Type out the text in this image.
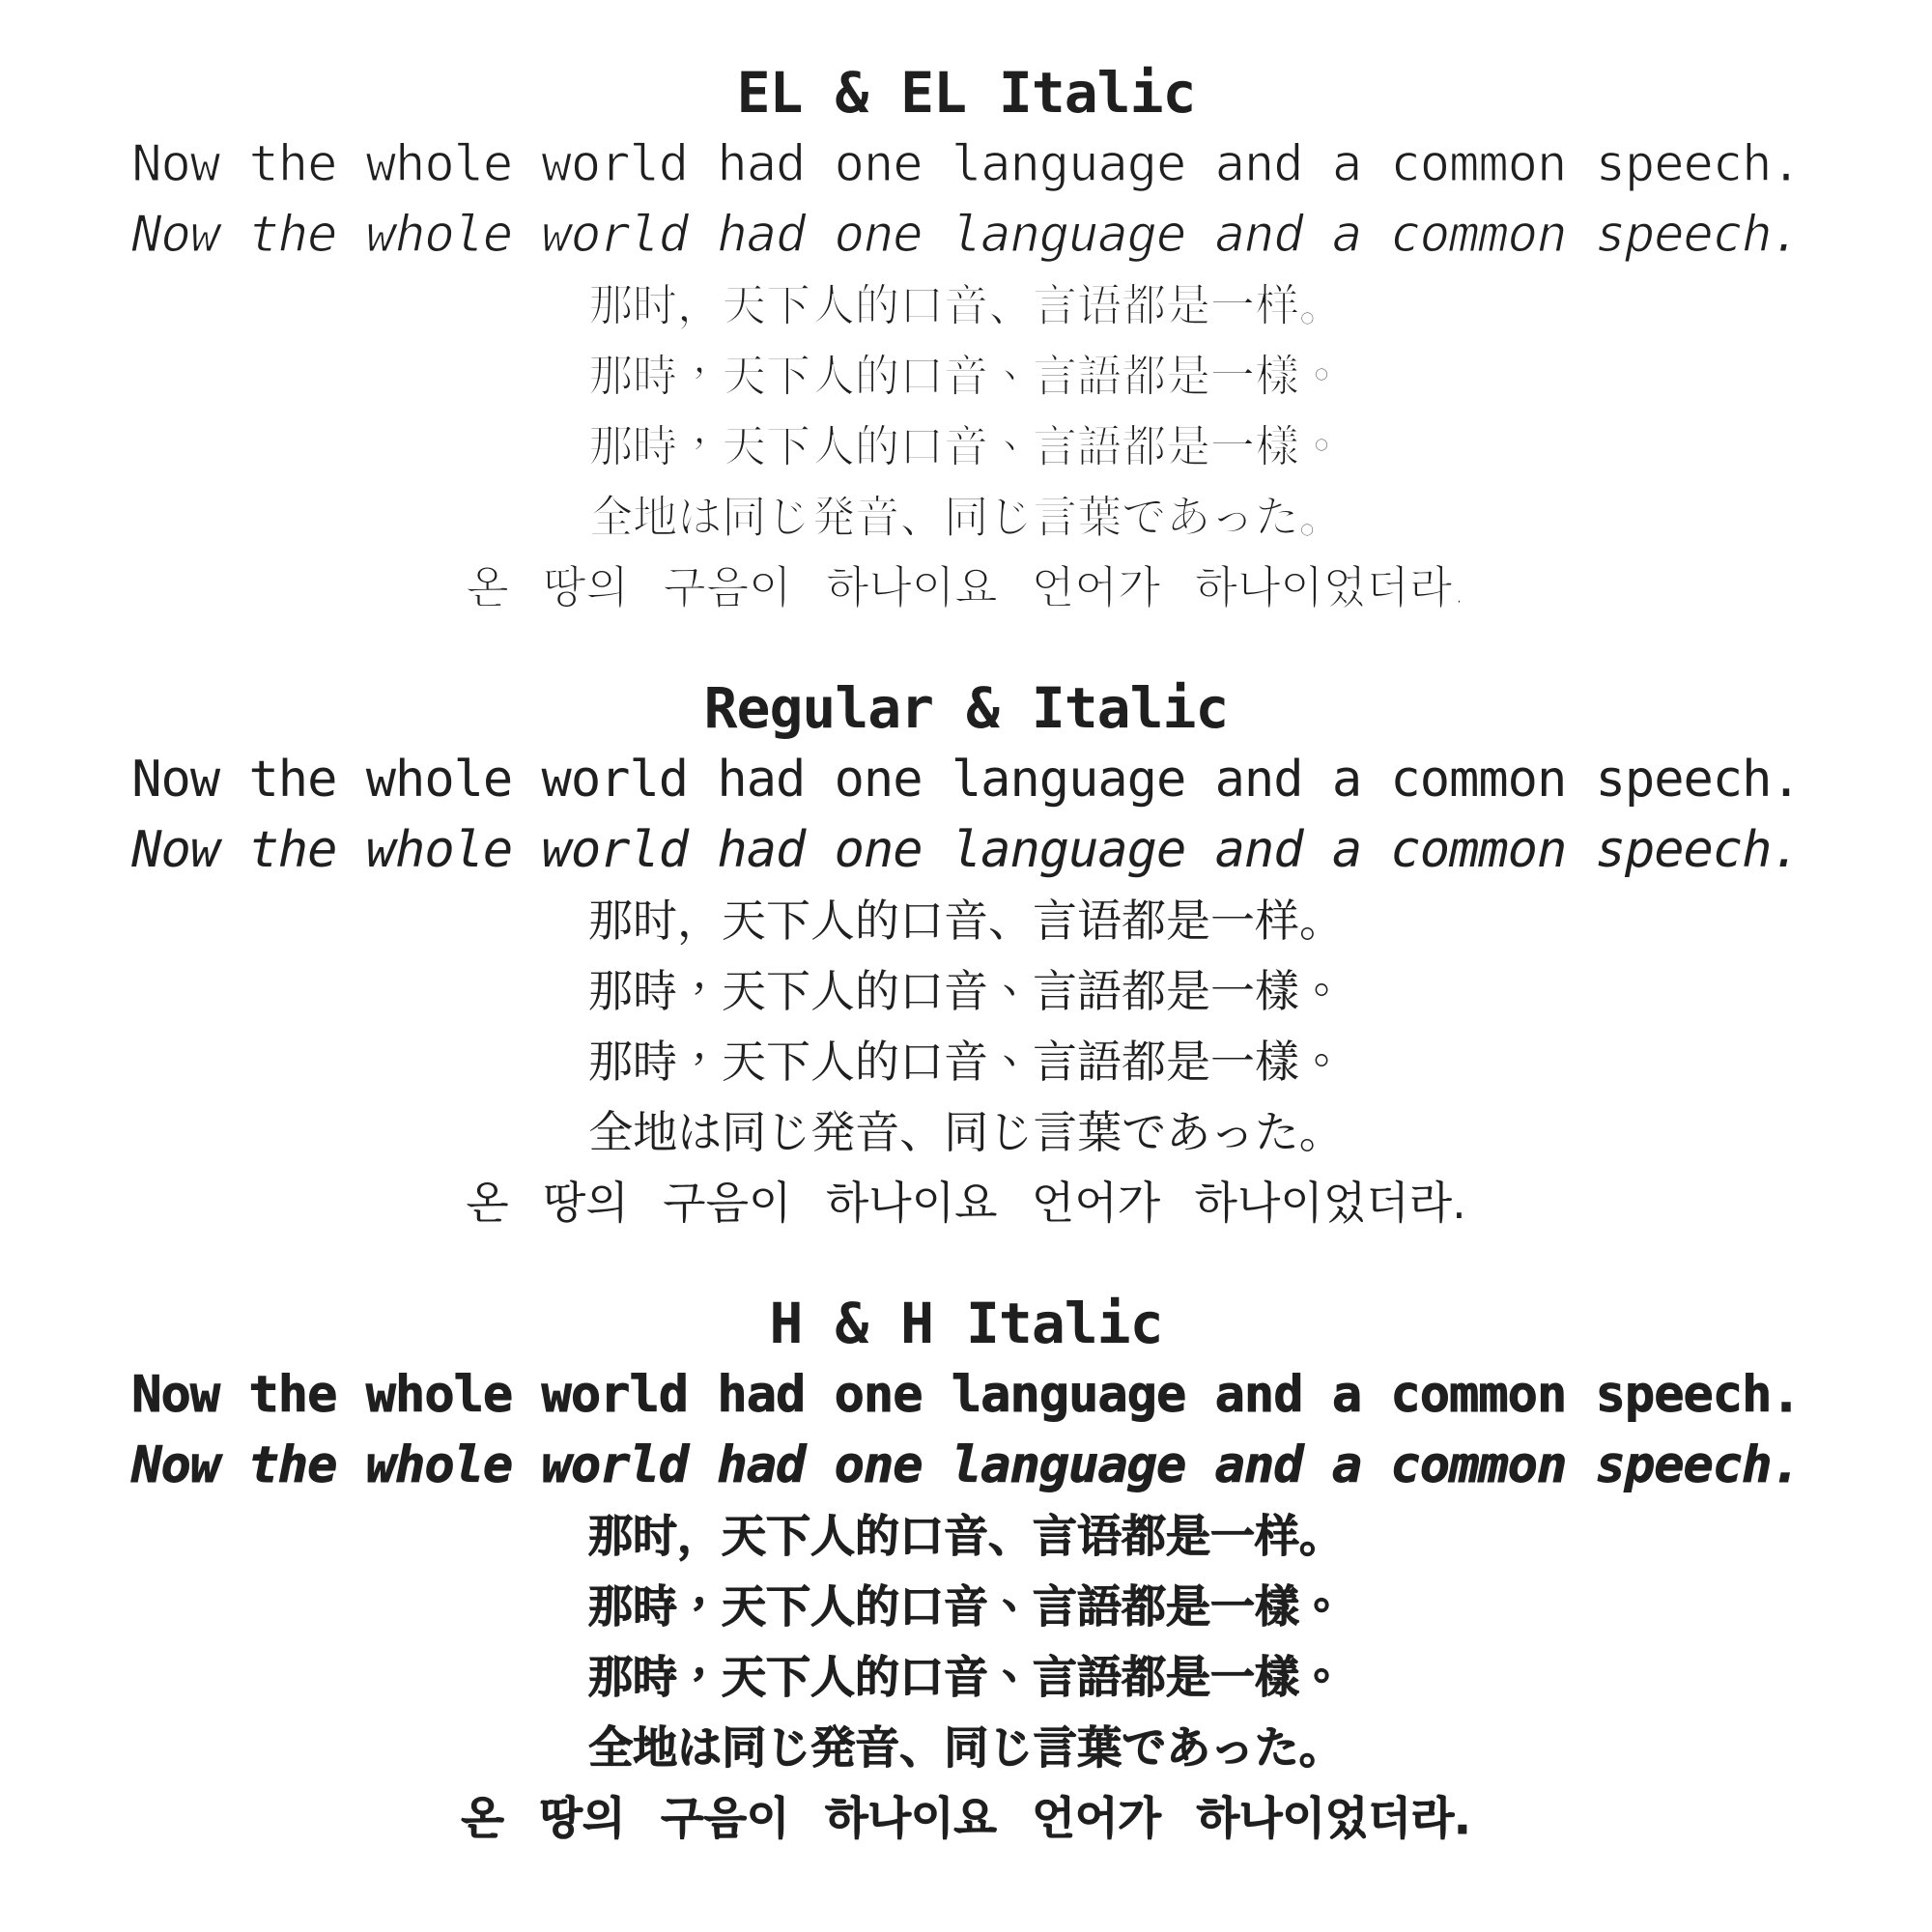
EL & EL Italic

Now the whole world had one language and a common speech.

Now the whole world had one language and a common speech.

那时，天下人的口音、言语都是一样。

那時，天下人的口音、言語都是一樣。

那時，天下人的口音、言語都是一樣。

全地は同じ発音、同じ言葉であった。

온 땅의 구음이 하나이요 언어가 하나이었더라.

Regular & Italic

Now the whole world had one language and a common speech.

Now the whole world had one language and a common speech.

那时，天下人的口音、言语都是一样。

那時，天下人的口音、言語都是一樣。

那時，天下人的口音、言語都是一樣。

全地は同じ発音、同じ言葉であった。

온 땅의 구음이 하나이요 언어가 하나이었더라.

H & H Italic

Now the whole world had one language and a common speech.

Now the whole world had one language and a common speech.

那时，天下人的口音、言语都是一样。

那時，天下人的口音、言語都是一樣。

那時，天下人的口音、言語都是一樣。

全地は同じ発音、同じ言葉であった。

온 땅의 구음이 하나이요 언어가 하나이었더라.
